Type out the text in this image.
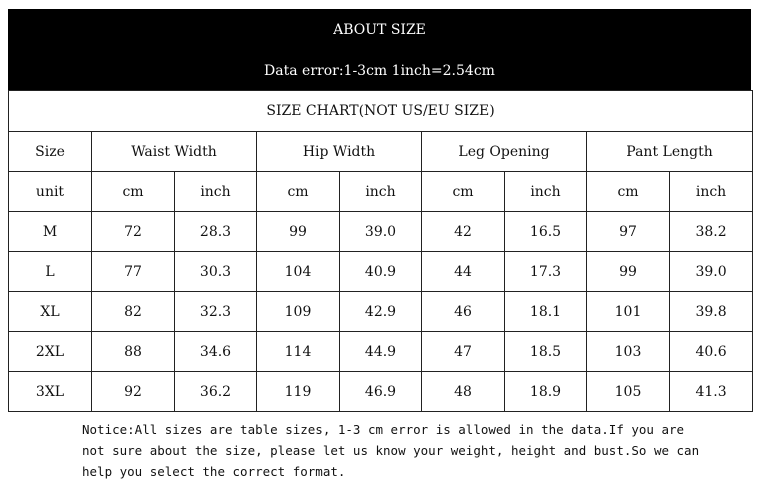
ABOUT SIZE
Data error:1-3cm 1inch=2.54cm
SIZE CHART(NOT US/EU SIZE)								
Size	Waist Width		Hip Width		Leg Opening		Pant Length	
unit	cm	inch	cm	inch	cm	inch	cm	inch
M	72	28.3	99	39.0	42	16.5	97	38.2
L	77	30.3	104	40.9	44	17.3	99	39.0
XL	82	32.3	109	42.9	46	18.1	101	39.8
2XL	88	34.6	114	44.9	47	18.5	103	40.6
3XL	92	36.2	119	46.9	48	18.9	105	41.3
Notice:All sizes are table sizes, 1-3 cm error is allowed in the data.If you are
not sure about the size, please let us know your weight, height and bust.So we can
help you select the correct format.
